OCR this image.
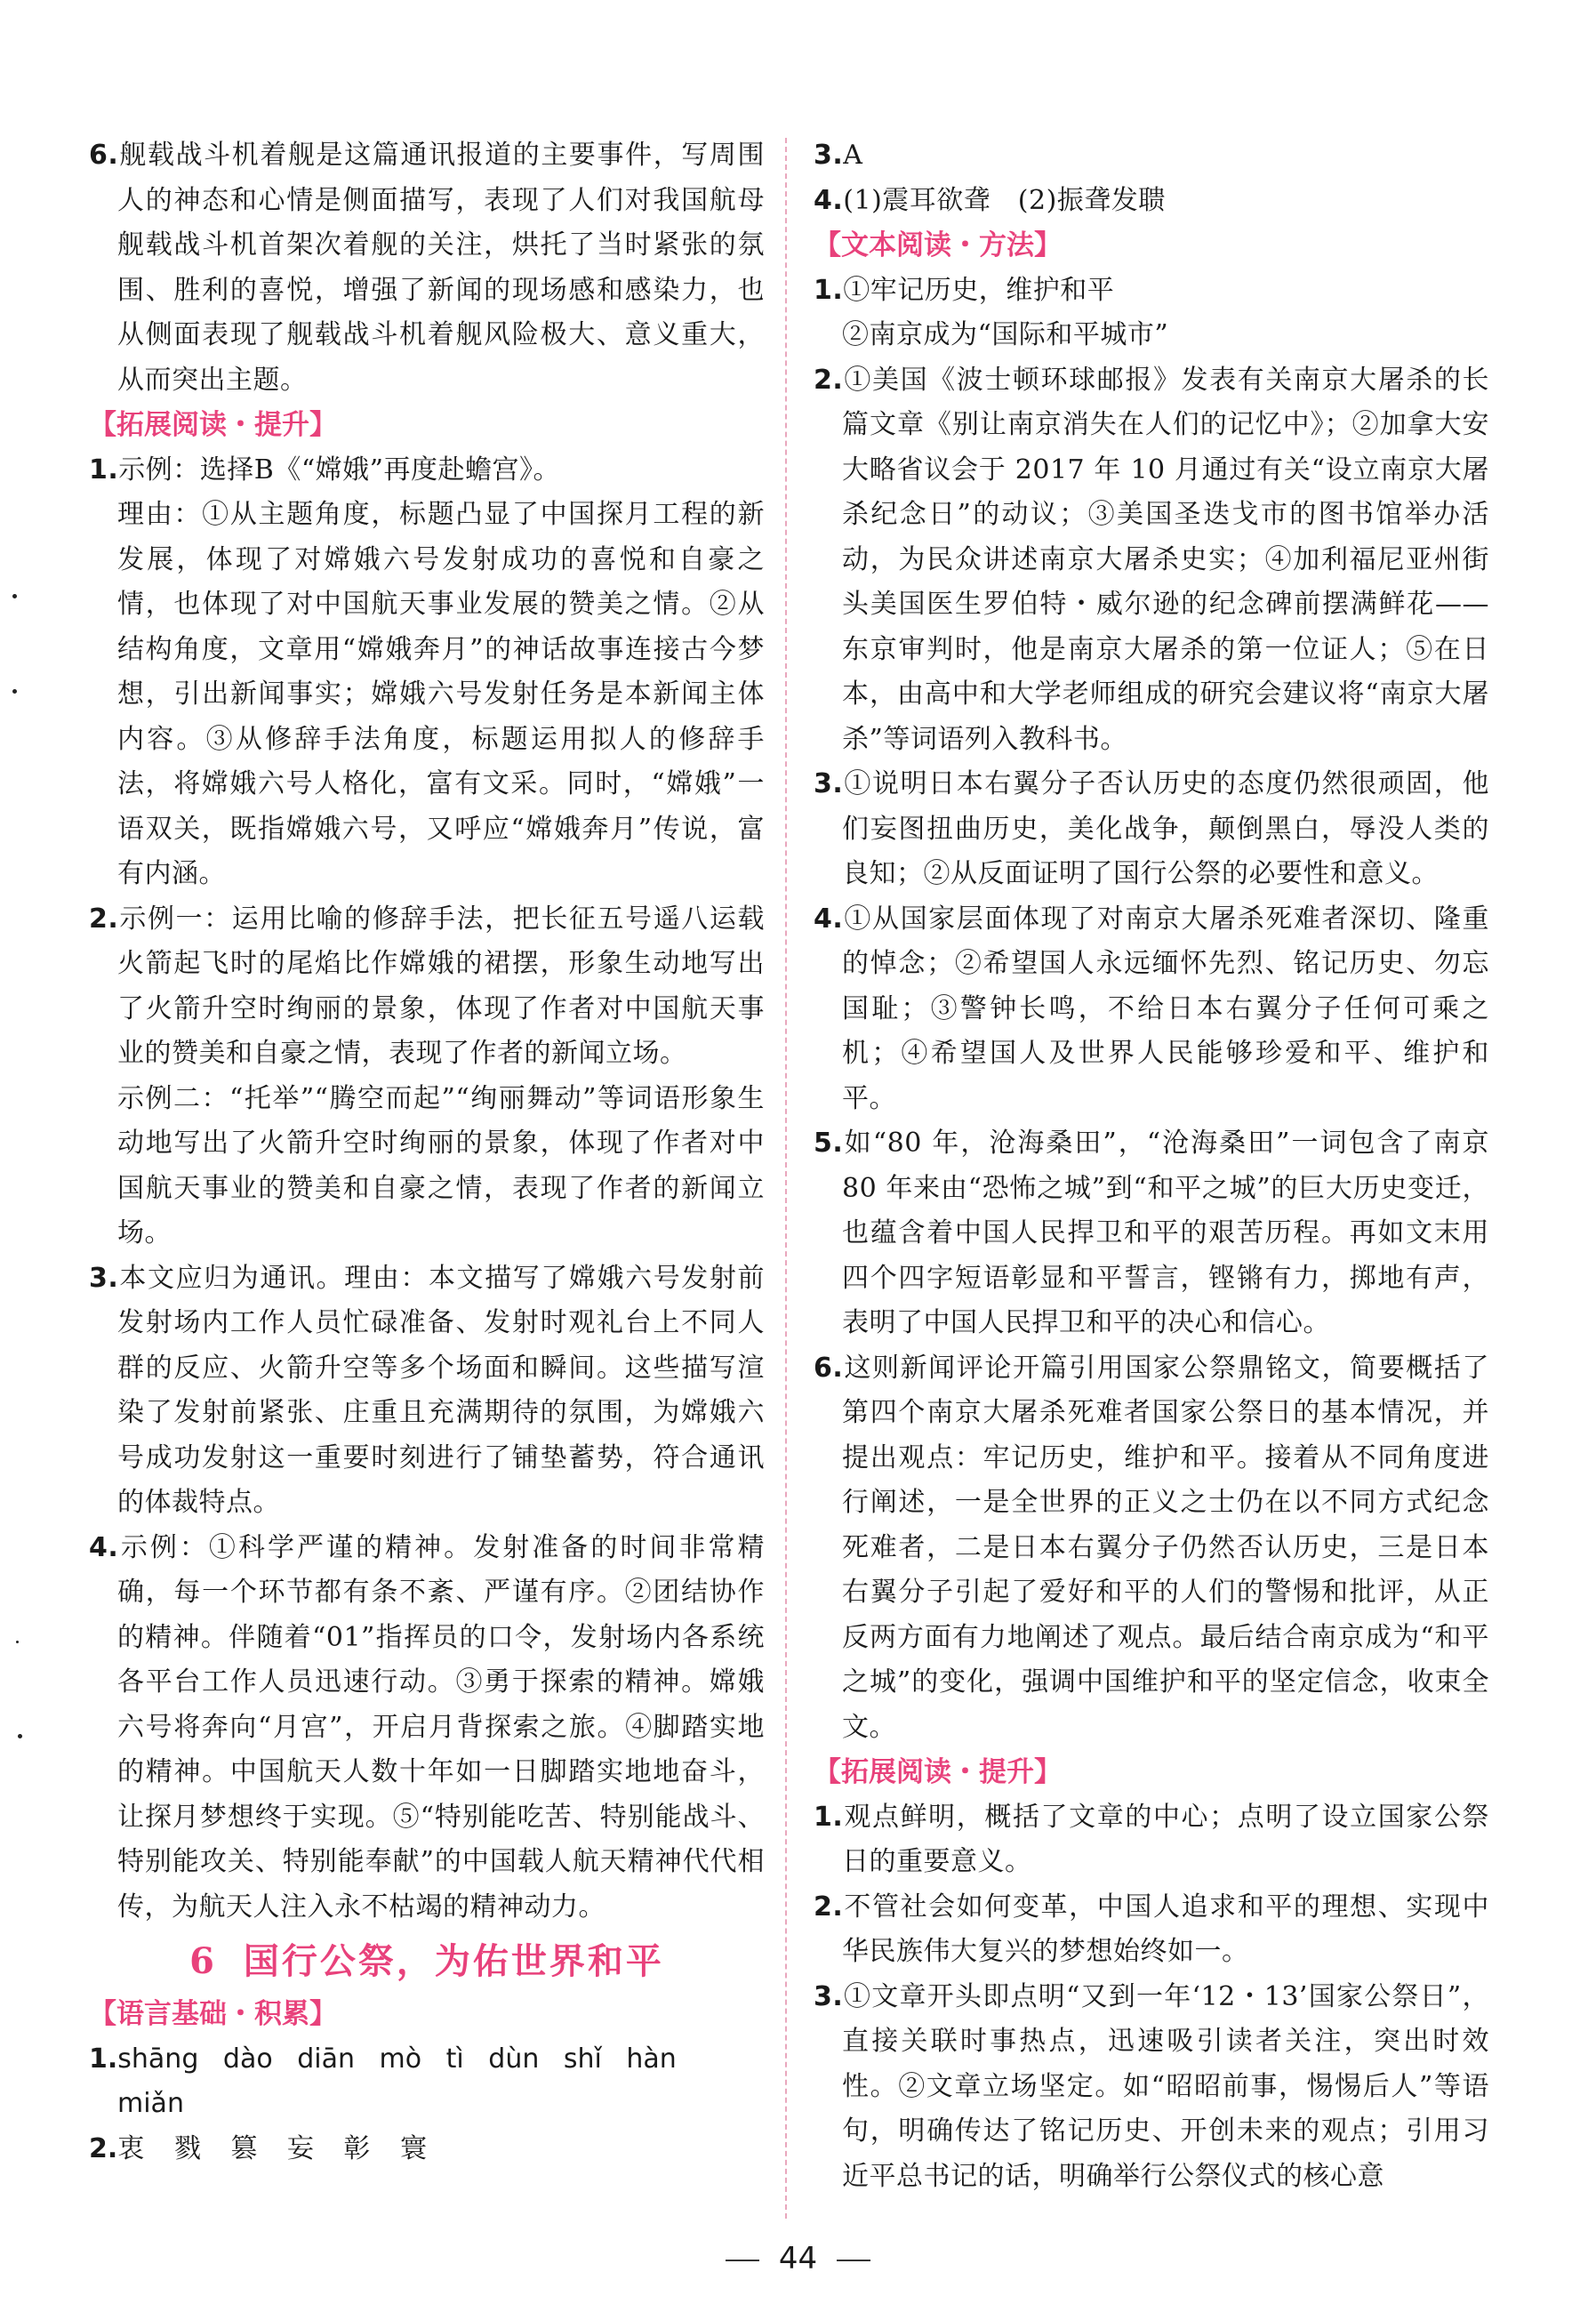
6.舰载战斗机着舰是这篇通讯报道的主要事件，写周围人的神态和心情是侧面描写，表现了人们对我国航母舰载战斗机首架次着舰的关注，烘托了当时紧张的氛围、胜利的喜悦，增强了新闻的现场感和感染力，也从侧面表现了舰载战斗机着舰风险极大、意义重大，从而突出主题。

【拓展阅读・提升】

1.示例：选择B《“嫦娥”再度赴蟾宫》。

理由：①从主题角度，标题凸显了中国探月工程的新发展，体现了对嫦娥六号发射成功的喜悦和自豪之情，也体现了对中国航天事业发展的赞美之情。②从结构角度，文章用“嫦娥奔月”的神话故事连接古今梦想，引出新闻事实；嫦娥六号发射任务是本新闻主体内容。③从修辞手法角度，标题运用拟人的修辞手法，将嫦娥六号人格化，富有文采。同时，“嫦娥”一语双关，既指嫦娥六号，又呼应“嫦娥奔月”传说，富有内涵。

2.示例一：运用比喻的修辞手法，把长征五号遥八运载火箭起飞时的尾焰比作嫦娥的裙摆，形象生动地写出了火箭升空时绚丽的景象，体现了作者对中国航天事业的赞美和自豪之情，表现了作者的新闻立场。

示例二：“托举”“腾空而起”“绚丽舞动”等词语形象生动地写出了火箭升空时绚丽的景象，体现了作者对中国航天事业的赞美和自豪之情，表现了作者的新闻立场。

3.本文应归为通讯。理由：本文描写了嫦娥六号发射前发射场内工作人员忙碌准备、发射时观礼台上不同人群的反应、火箭升空等多个场面和瞬间。这些描写渲染了发射前紧张、庄重且充满期待的氛围，为嫦娥六号成功发射这一重要时刻进行了铺垫蓄势，符合通讯的体裁特点。

4.示例：①科学严谨的精神。发射准备的时间非常精确，每一个环节都有条不紊、严谨有序。②团结协作的精神。伴随着“01”指挥员的口令，发射场内各系统各平台工作人员迅速行动。③勇于探索的精神。嫦娥六号将奔向“月宫”，开启月背探索之旅。④脚踏实地的精神。中国航天人数十年如一日脚踏实地地奋斗，让探月梦想终于实现。⑤“特别能吃苦、特别能战斗、特别能攻关、特别能奉献”的中国载人航天精神代代相传，为航天人注入永不枯竭的精神动力。

6 国行公祭，为佑世界和平

【语言基础・积累】

1.shāng dào diān mò tì dùn shǐ hàn miǎn

2.衷 戮 篡 妄 彰 寰

3.A

4.(1)震耳欲聋　(2)振聋发聩

【文本阅读・方法】

1.①牢记历史，维护和平

②南京成为“国际和平城市”

2.①美国《波士顿环球邮报》发表有关南京大屠杀的长篇文章《别让南京消失在人们的记忆中》；②加拿大安大略省议会于 2017 年 10 月通过有关“设立南京大屠杀纪念日”的动议；③美国圣迭戈市的图书馆举办活动，为民众讲述南京大屠杀史实；④加利福尼亚州街头美国医生罗伯特・威尔逊的纪念碑前摆满鲜花——东京审判时，他是南京大屠杀的第一位证人；⑤在日本，由高中和大学老师组成的研究会建议将“南京大屠杀”等词语列入教科书。

3.①说明日本右翼分子否认历史的态度仍然很顽固，他们妄图扭曲历史，美化战争，颠倒黑白，辱没人类的良知；②从反面证明了国行公祭的必要性和意义。

4.①从国家层面体现了对南京大屠杀死难者深切、隆重的悼念；②希望国人永远缅怀先烈、铭记历史、勿忘国耻；③警钟长鸣，不给日本右翼分子任何可乘之机；④希望国人及世界人民能够珍爱和平、维护和平。

5.如“80 年，沧海桑田”，“沧海桑田”一词包含了南京 80 年来由“恐怖之城”到“和平之城”的巨大历史变迁，也蕴含着中国人民捍卫和平的艰苦历程。再如文末用四个四字短语彰显和平誓言，铿锵有力，掷地有声，表明了中国人民捍卫和平的决心和信心。

6.这则新闻评论开篇引用国家公祭鼎铭文，简要概括了第四个南京大屠杀死难者国家公祭日的基本情况，并提出观点：牢记历史，维护和平。接着从不同角度进行阐述，一是全世界的正义之士仍在以不同方式纪念死难者，二是日本右翼分子仍然否认历史，三是日本右翼分子引起了爱好和平的人们的警惕和批评，从正反两方面有力地阐述了观点。最后结合南京成为“和平之城”的变化，强调中国维护和平的坚定信念，收束全文。

【拓展阅读・提升】

1.观点鲜明，概括了文章的中心；点明了设立国家公祭日的重要意义。

2.不管社会如何变革，中国人追求和平的理想、实现中华民族伟大复兴的梦想始终如一。

3.①文章开头即点明“又到一年‘12・13’国家公祭日”，直接关联时事热点，迅速吸引读者关注，突出时效性。②文章立场坚定。如“昭昭前事，惕惕后人”等语句，明确传达了铭记历史、开创未来的观点；引用习近平总书记的话，明确举行公祭仪式的核心意

44
